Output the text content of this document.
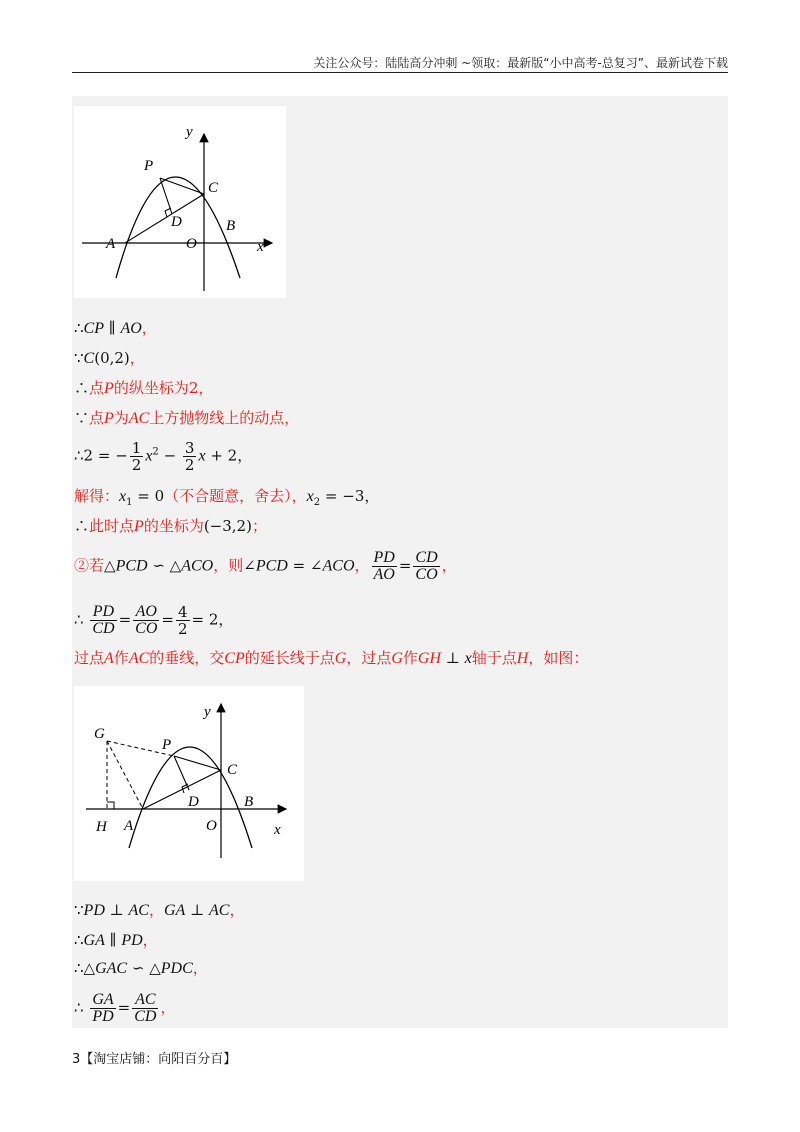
关注公众号：陆陆高分冲刺 ~领取：最新版“小中高考-总复习”、最新试卷下载
y
P
C
D	B
A	O	x
∴CP ∥ AO，
∵C(0,2)，
∴点P的纵坐标为2，
∵点P为AC上方抛物线上的动点，
∴2 = − $\frac{1}{2} x^2 - \frac{3}{2}$ x + 2，
解得：$x_1 = 0$（不合题意，舍去），$x_2 = -3$，
∴此时点P的坐标为(−3,2)；
②若△PCD ∽ △ACO，则∠PCD = ∠ACO， $\frac{PD}{AO} = \frac{CD}{CO}$ ，
∴ $\frac{PD}{CD} = \frac{AO}{CO} = \frac{4}{2} = 2$，
过点A作AC的垂线，交CP的延长线于点G，过点G作GH ⊥ x轴于点H，如图：
y
G
P
C
D	B
H A	O	x
∵PD ⊥ AC，GA ⊥ AC，
∴GA ∥ PD，
∴△GAC ∽ △PDC，
∴ $\frac{GA}{PD} = \frac{AC}{CD}$ ，
3【淘宝店铺：向阳百分百】
